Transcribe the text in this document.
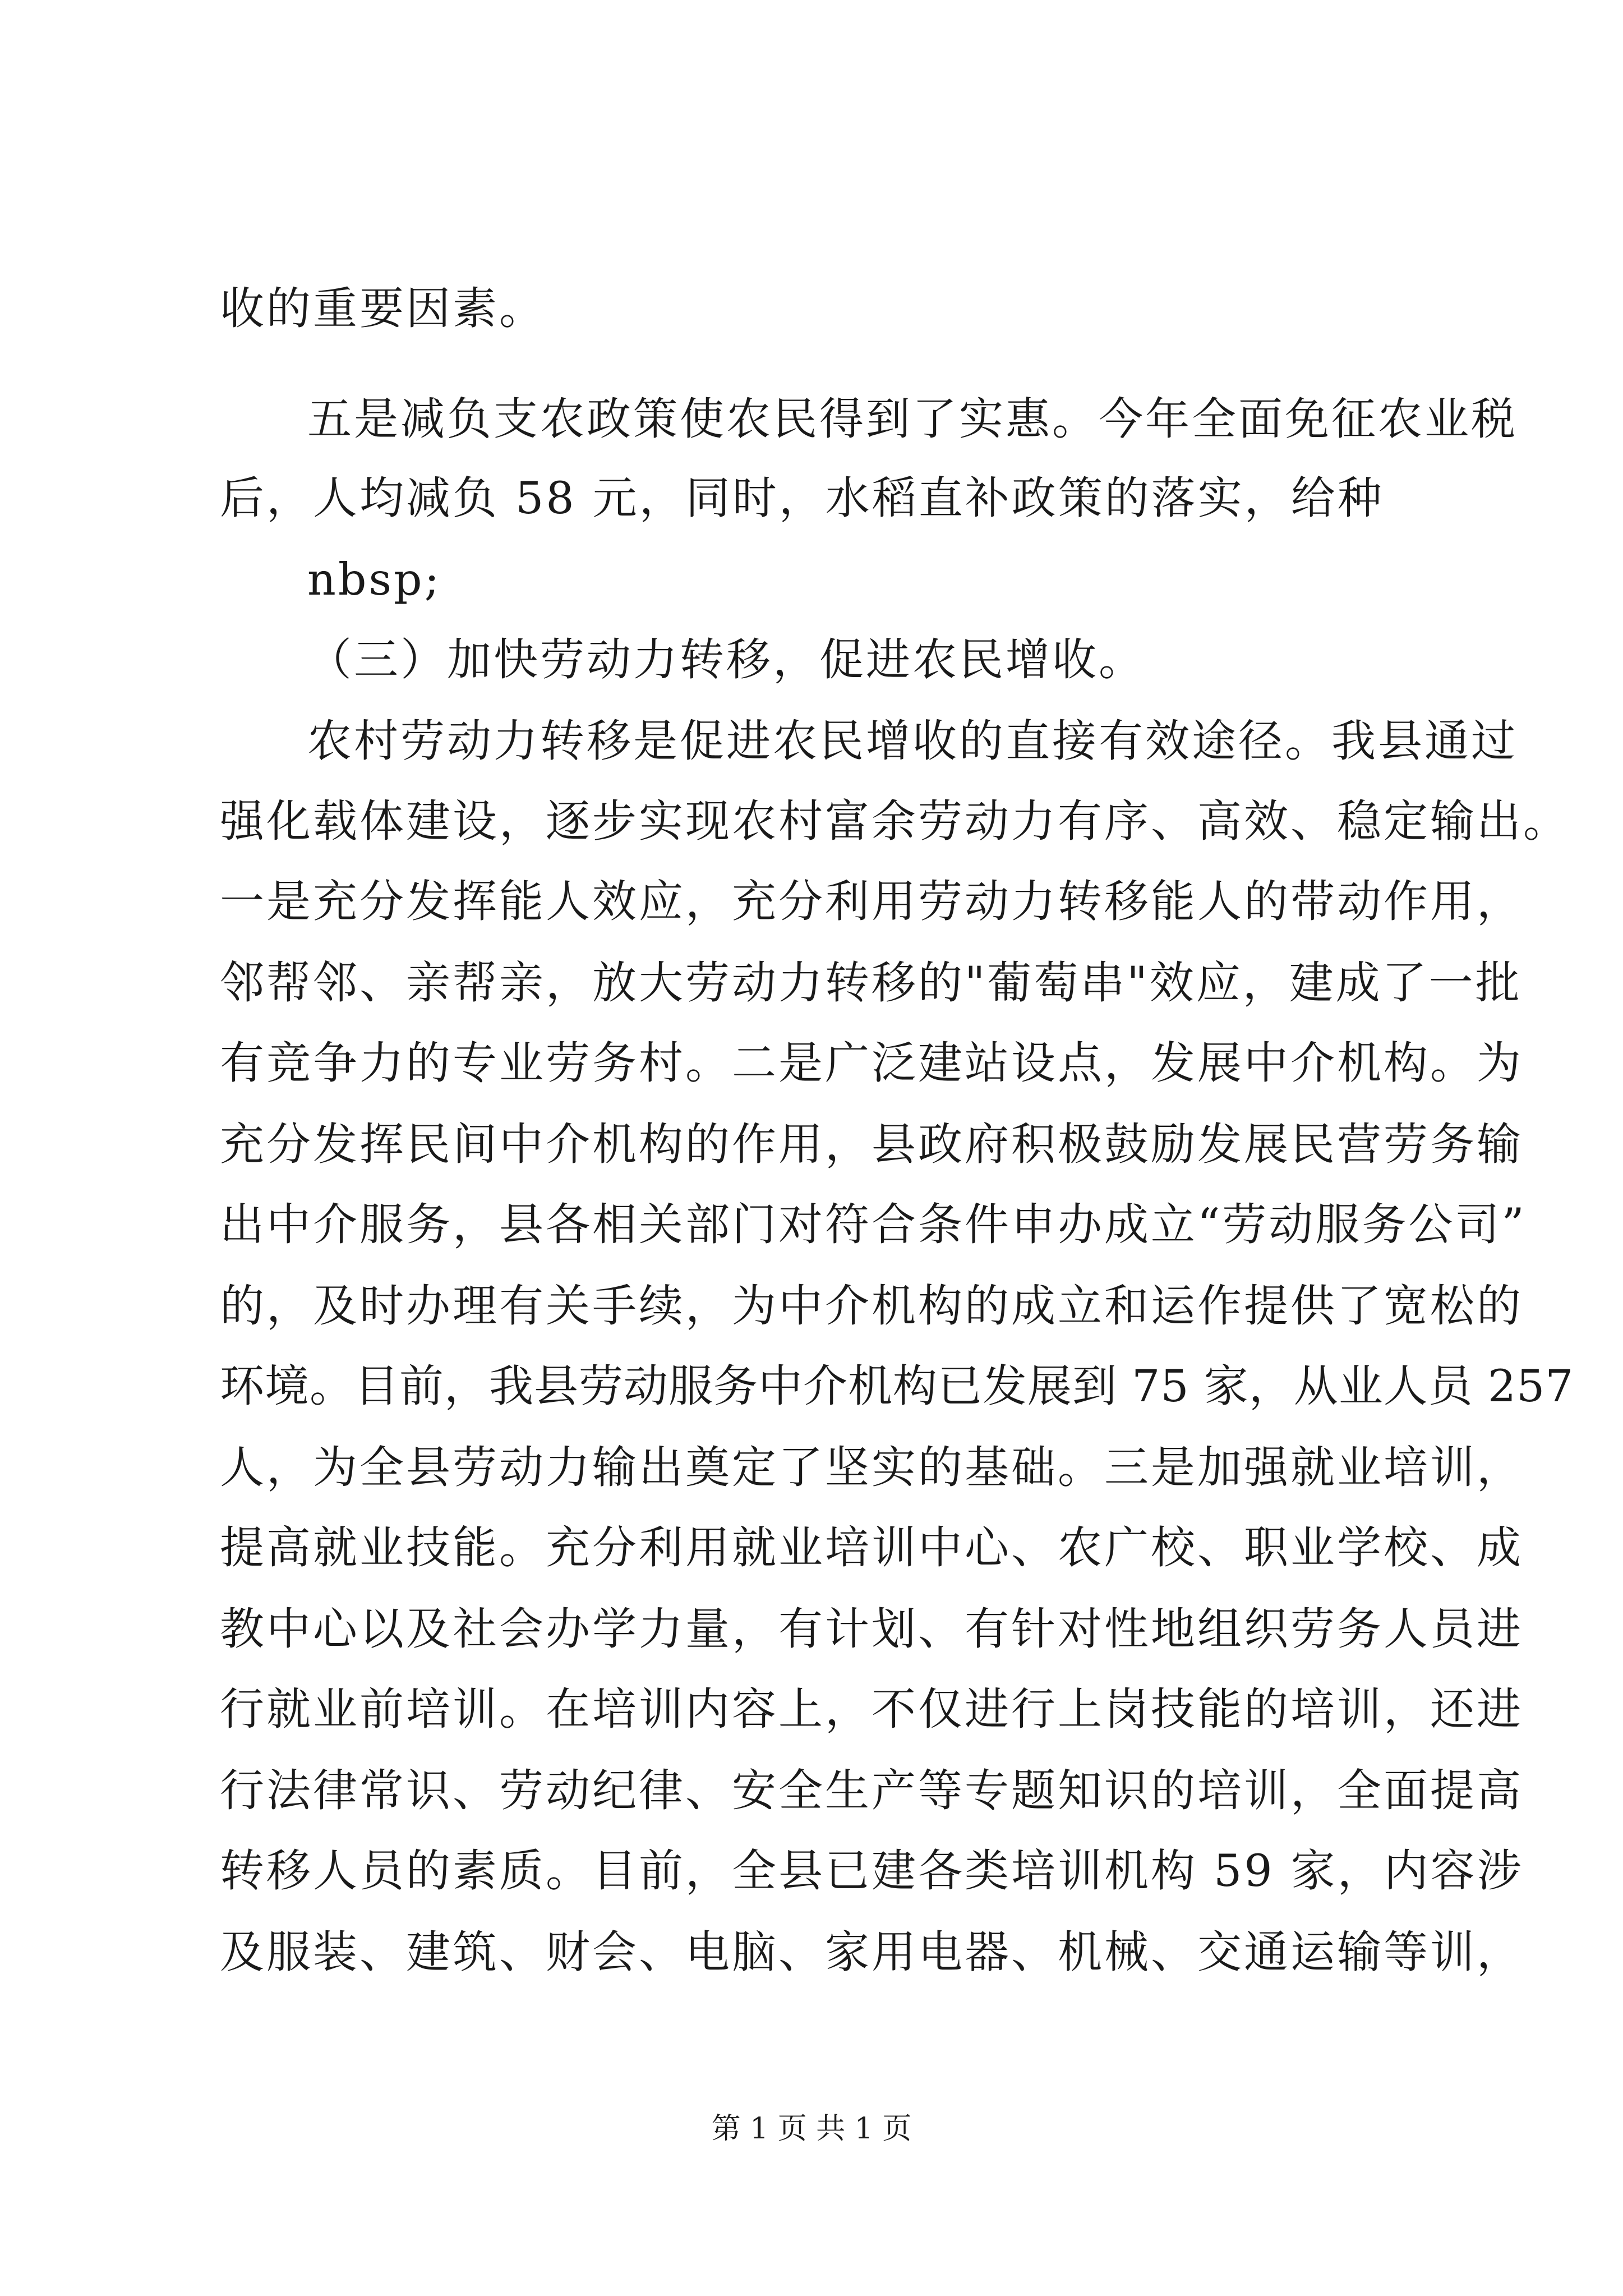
收的重要因素。
五是减负支农政策使农民得到了实惠。今年全面免征农业税
后，人均减负 58 元，同时，水稻直补政策的落实，给种
nbsp;
（三）加快劳动力转移，促进农民增收。
农村劳动力转移是促进农民增收的直接有效途径。我县通过
强化载体建设，逐步实现农村富余劳动力有序、高效、稳定输出。
一是充分发挥能人效应，充分利用劳动力转移能人的带动作用，
邻帮邻、亲帮亲，放大劳动力转移的"葡萄串"效应，建成了一批
有竞争力的专业劳务村。二是广泛建站设点，发展中介机构。为
充分发挥民间中介机构的作用，县政府积极鼓励发展民营劳务输
出中介服务，县各相关部门对符合条件申办成立“劳动服务公司”
的，及时办理有关手续，为中介机构的成立和运作提供了宽松的
环境。目前，我县劳动服务中介机构已发展到 75 家，从业人员 257
人，为全县劳动力输出奠定了坚实的基础。三是加强就业培训，
提高就业技能。充分利用就业培训中心、农广校、职业学校、成
教中心以及社会办学力量，有计划、有针对性地组织劳务人员进
行就业前培训。在培训内容上，不仅进行上岗技能的培训，还进
行法律常识、劳动纪律、安全生产等专题知识的培训，全面提高
转移人员的素质。目前，全县已建各类培训机构 59 家，内容涉
及服装、建筑、财会、电脑、家用电器、机械、交通运输等训，
第 1 页 共 1 页
